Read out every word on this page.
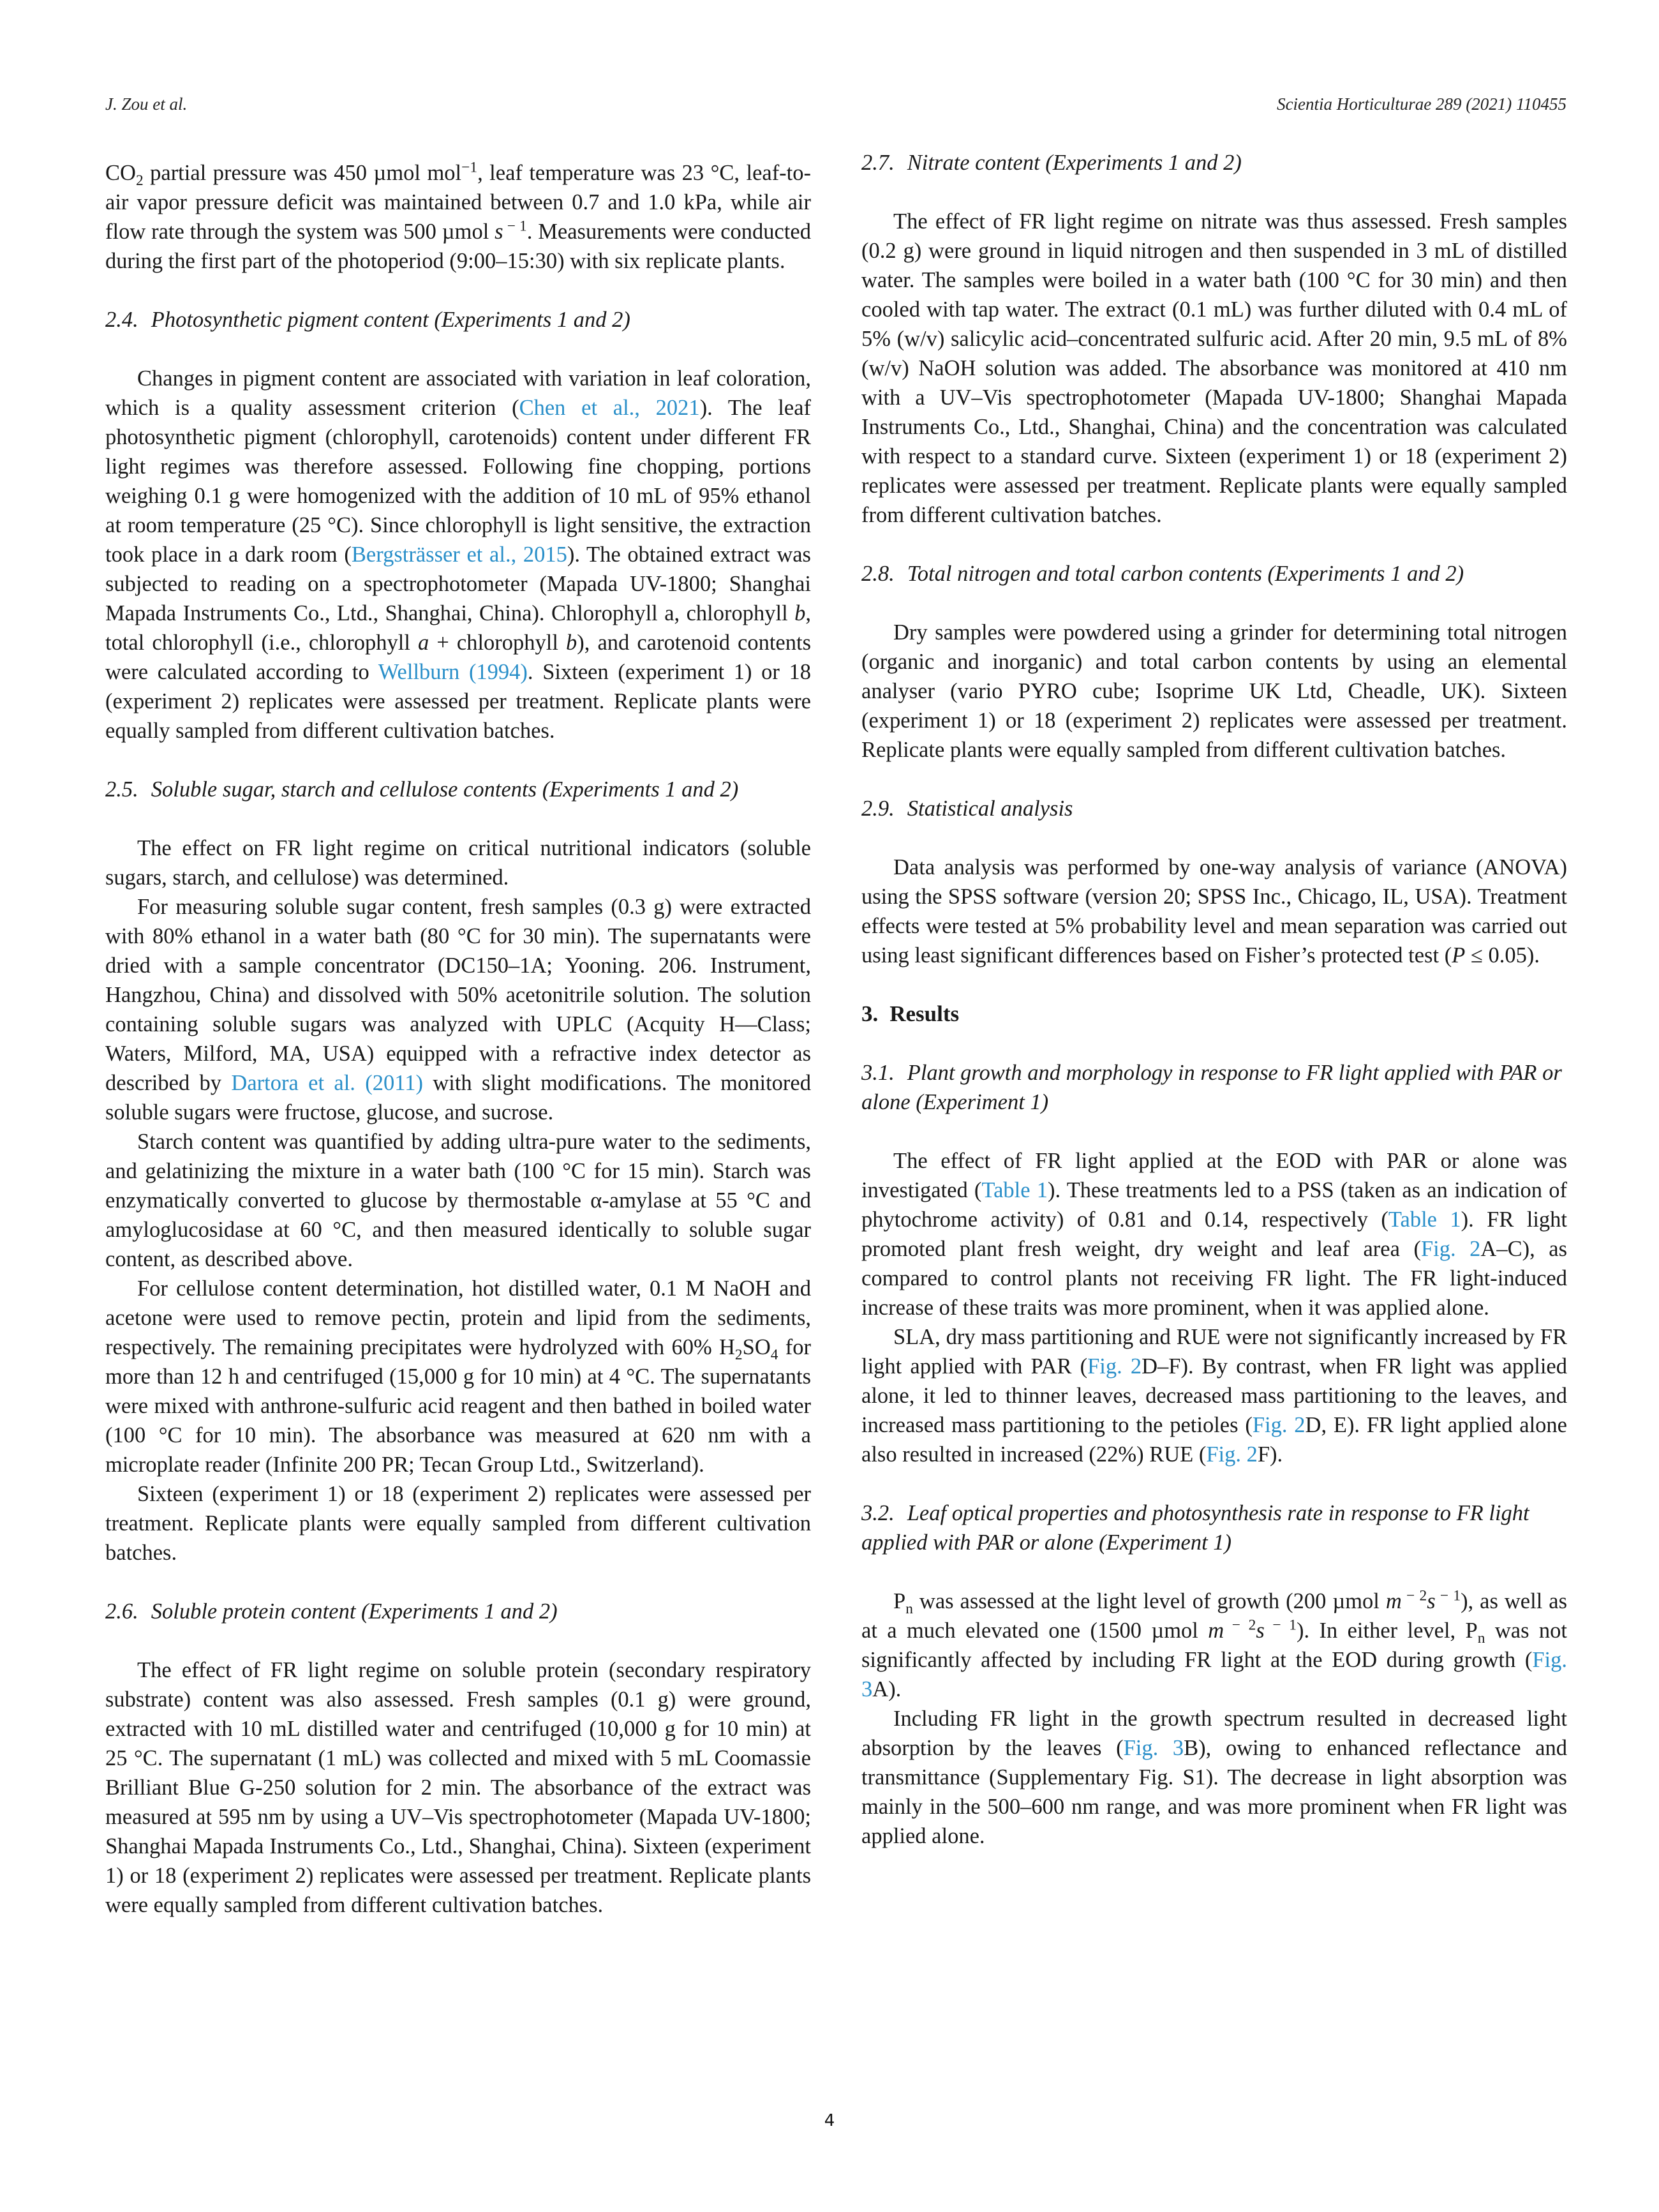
J. Zou et al.	Scientia Horticulturae 289 (2021) 110455

$CO_2$ partial pressure was 450 µmol mol$^{-1}$, leaf temperature was 23 °C, leaf-to-air vapor pressure deficit was maintained between 0.7 and 1.0 kPa, while air flow rate through the system was 500 µmol s $^{- 1}$. Measurements were conducted during the first part of the photoperiod (9:00–15:30) with six replicate plants.

2.4. Photosynthetic pigment content (Experiments 1 and 2)

Changes in pigment content are associated with variation in leaf coloration, which is a quality assessment criterion (Chen et al., 2021). The leaf photosynthetic pigment (chlorophyll, carotenoids) content under different FR light regimes was therefore assessed. Following fine chopping, portions weighing 0.1 g were homogenized with the addition of 10 mL of 95% ethanol at room temperature (25 °C). Since chlorophyll is light sensitive, the extraction took place in a dark room (Bergsträsser et al., 2015). The obtained extract was subjected to reading on a spectrophotometer (Mapada UV-1800; Shanghai Mapada Instruments Co., Ltd., Shanghai, China). Chlorophyll a, chlorophyll b, total chlorophyll (i.e., chlorophyll a + chlorophyll b), and carotenoid contents were calculated according to Wellburn (1994). Sixteen (experiment 1) or 18 (experiment 2) replicates were assessed per treatment. Replicate plants were equally sampled from different cultivation batches.

2.5. Soluble sugar, starch and cellulose contents (Experiments 1 and 2)

The effect on FR light regime on critical nutritional indicators (soluble sugars, starch, and cellulose) was determined.

For measuring soluble sugar content, fresh samples (0.3 g) were extracted with 80% ethanol in a water bath (80 °C for 30 min). The supernatants were dried with a sample concentrator (DC150–1A; Yooning. 206. Instrument, Hangzhou, China) and dissolved with 50% acetonitrile solution. The solution containing soluble sugars was analyzed with UPLC (Acquity H—Class; Waters, Milford, MA, USA) equipped with a refractive index detector as described by Dartora et al. (2011) with slight modifications. The monitored soluble sugars were fructose, glucose, and sucrose.

Starch content was quantified by adding ultra-pure water to the sediments, and gelatinizing the mixture in a water bath (100 °C for 15 min). Starch was enzymatically converted to glucose by thermostable α-amylase at 55 °C and amyloglucosidase at 60 °C, and then measured identically to soluble sugar content, as described above.

For cellulose content determination, hot distilled water, 0.1 M NaOH and acetone were used to remove pectin, protein and lipid from the sediments, respectively. The remaining precipitates were hydrolyzed with 60% $H_2SO_4$ for more than 12 h and centrifuged (15,000 g for 10 min) at 4 °C. The supernatants were mixed with anthrone-sulfuric acid reagent and then bathed in boiled water (100 °C for 10 min). The absorbance was measured at 620 nm with a microplate reader (Infinite 200 PR; Tecan Group Ltd., Switzerland).

Sixteen (experiment 1) or 18 (experiment 2) replicates were assessed per treatment. Replicate plants were equally sampled from different cultivation batches.

2.6. Soluble protein content (Experiments 1 and 2)

The effect of FR light regime on soluble protein (secondary respiratory substrate) content was also assessed. Fresh samples (0.1 g) were ground, extracted with 10 mL distilled water and centrifuged (10,000 g for 10 min) at 25 °C. The supernatant (1 mL) was collected and mixed with 5 mL Coomassie Brilliant Blue G-250 solution for 2 min. The absorbance of the extract was measured at 595 nm by using a UV–Vis spectrophotometer (Mapada UV-1800; Shanghai Mapada Instruments Co., Ltd., Shanghai, China). Sixteen (experiment 1) or 18 (experiment 2) replicates were assessed per treatment. Replicate plants were equally sampled from different cultivation batches.

2.7. Nitrate content (Experiments 1 and 2)

The effect of FR light regime on nitrate was thus assessed. Fresh samples (0.2 g) were ground in liquid nitrogen and then suspended in 3 mL of distilled water. The samples were boiled in a water bath (100 °C for 30 min) and then cooled with tap water. The extract (0.1 mL) was further diluted with 0.4 mL of 5% (w/v) salicylic acid–concentrated sulfuric acid. After 20 min, 9.5 mL of 8% (w/v) NaOH solution was added. The absorbance was monitored at 410 nm with a UV–Vis spectrophotometer (Mapada UV-1800; Shanghai Mapada Instruments Co., Ltd., Shanghai, China) and the concentration was calculated with respect to a standard curve. Sixteen (experiment 1) or 18 (experiment 2) replicates were assessed per treatment. Replicate plants were equally sampled from different cultivation batches.

2.8. Total nitrogen and total carbon contents (Experiments 1 and 2)

Dry samples were powdered using a grinder for determining total nitrogen (organic and inorganic) and total carbon contents by using an elemental analyser (vario PYRO cube; Isoprime UK Ltd, Cheadle, UK). Sixteen (experiment 1) or 18 (experiment 2) replicates were assessed per treatment. Replicate plants were equally sampled from different cultivation batches.

2.9. Statistical analysis

Data analysis was performed by one-way analysis of variance (ANOVA) using the SPSS software (version 20; SPSS Inc., Chicago, IL, USA). Treatment effects were tested at 5% probability level and mean separation was carried out using least significant differences based on Fisher’s protected test (P ≤ 0.05).

3. Results
3.1. Plant growth and morphology in response to FR light applied with PAR or alone (Experiment 1)

The effect of FR light applied at the EOD with PAR or alone was investigated (Table 1). These treatments led to a PSS (taken as an indication of phytochrome activity) of 0.81 and 0.14, respectively (Table 1). FR light promoted plant fresh weight, dry weight and leaf area (Fig. 2A–C), as compared to control plants not receiving FR light. The FR light-induced increase of these traits was more prominent, when it was applied alone.

SLA, dry mass partitioning and RUE were not significantly increased by FR light applied with PAR (Fig. 2D–F). By contrast, when FR light was applied alone, it led to thinner leaves, decreased mass partitioning to the leaves, and increased mass partitioning to the petioles (Fig. 2D, E). FR light applied alone also resulted in increased (22%) RUE (Fig. 2F).

3.2. Leaf optical properties and photosynthesis rate in response to FR light applied with PAR or alone (Experiment 1)

$P_n$ was assessed at the light level of growth (200 µmol m $^{- 2}$s $^{- 1}$), as well as at a much elevated one (1500 µmol m $^{- 2}$s $^{- 1}$). In either level, $P_n$ was not significantly affected by including FR light at the EOD during growth (Fig. 3A).

Including FR light in the growth spectrum resulted in decreased light absorption by the leaves (Fig. 3B), owing to enhanced reflectance and transmittance (Supplementary Fig. S1). The decrease in light absorption was mainly in the 500–600 nm range, and was more prominent when FR light was applied alone.

4
